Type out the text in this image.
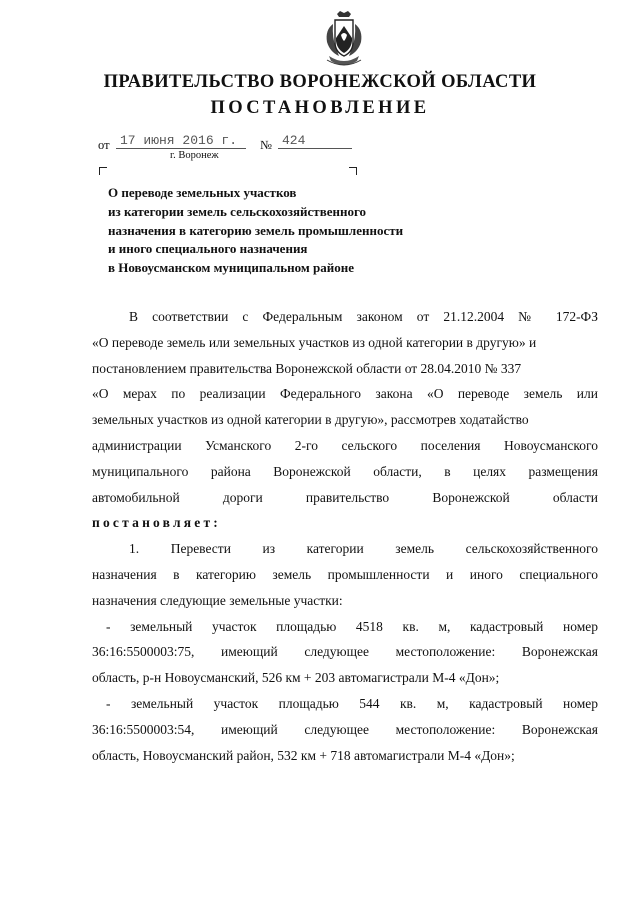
ПРАВИТЕЛЬСТВО ВОРОНЕЖСКОЙ ОБЛАСТИ
ПОСТАНОВЛЕНИЕ
от 17 июня 2016 г.	№ 424
г. Воронеж
О переводе земельных участков
из категории земель сельскохозяйственного
назначения в категорию земель промышленности
и иного специального назначения
в Новоусманском муниципальном районе
В соответствии с Федеральным законом от 21.12.2004 № 172-ФЗ
«О переводе земель или земельных участков из одной категории в другую» и
постановлением правительства Воронежской области от 28.04.2010 № 337
«О мерах по реализации Федерального закона «О переводе земель или
земельных участков из одной категории в другую», рассмотрев ходатайство
администрации Усманского 2-го сельского поселения Новоусманского
муниципального района Воронежской области, в целях размещения
автомобильной дороги правительство Воронежской области
постановляет:
1. Перевести из категории земель сельскохозяйственного
назначения в категорию земель промышленности и иного специального
назначения следующие земельные участки:
- земельный участок площадью 4518 кв. м, кадастровый номер
36:16:5500003:75, имеющий следующее местоположение: Воронежская
область, р-н Новоусманский, 526 км + 203 автомагистрали М-4 «Дон»;
- земельный участок площадью 544 кв. м, кадастровый номер
36:16:5500003:54, имеющий следующее местоположение: Воронежская
область, Новоусманский район, 532 км + 718 автомагистрали М-4 «Дон»;
